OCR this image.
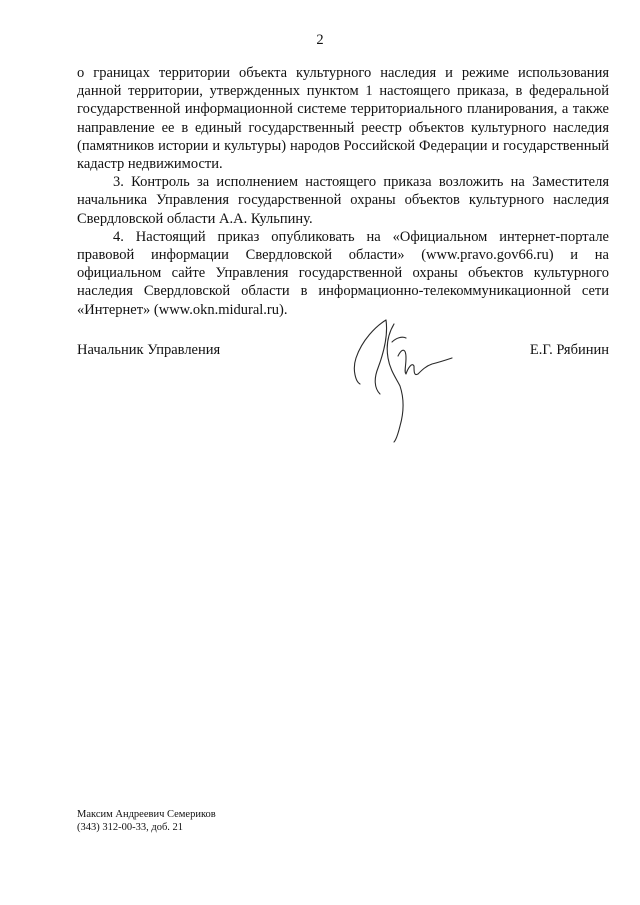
2

о границах территории объекта культурного наследия и режиме использования данной территории, утвержденных пунктом 1 настоящего приказа, в федеральной государственной информационной системе территориального планирования, а также направление ее в единый государственный реестр объектов культурного наследия (памятников истории и культуры) народов Российской Федерации и государственный кадастр недвижимости.

3. Контроль за исполнением настоящего приказа возложить на Заместителя начальника Управления государственной охраны объектов культурного наследия Свердловской области А.А. Кульпину.

4. Настоящий приказ опубликовать на «Официальном интернет-портале правовой информации Свердловской области» (www.pravo.gov66.ru) и на официальном сайте Управления государственной охраны объектов культурного наследия Свердловской области в информационно-телекоммуникационной сети «Интернет» (www.okn.midural.ru).

Начальник Управления	Е.Г. Рябинин
Максим Андреевич Семериков
(343) 312-00-33, доб. 21
